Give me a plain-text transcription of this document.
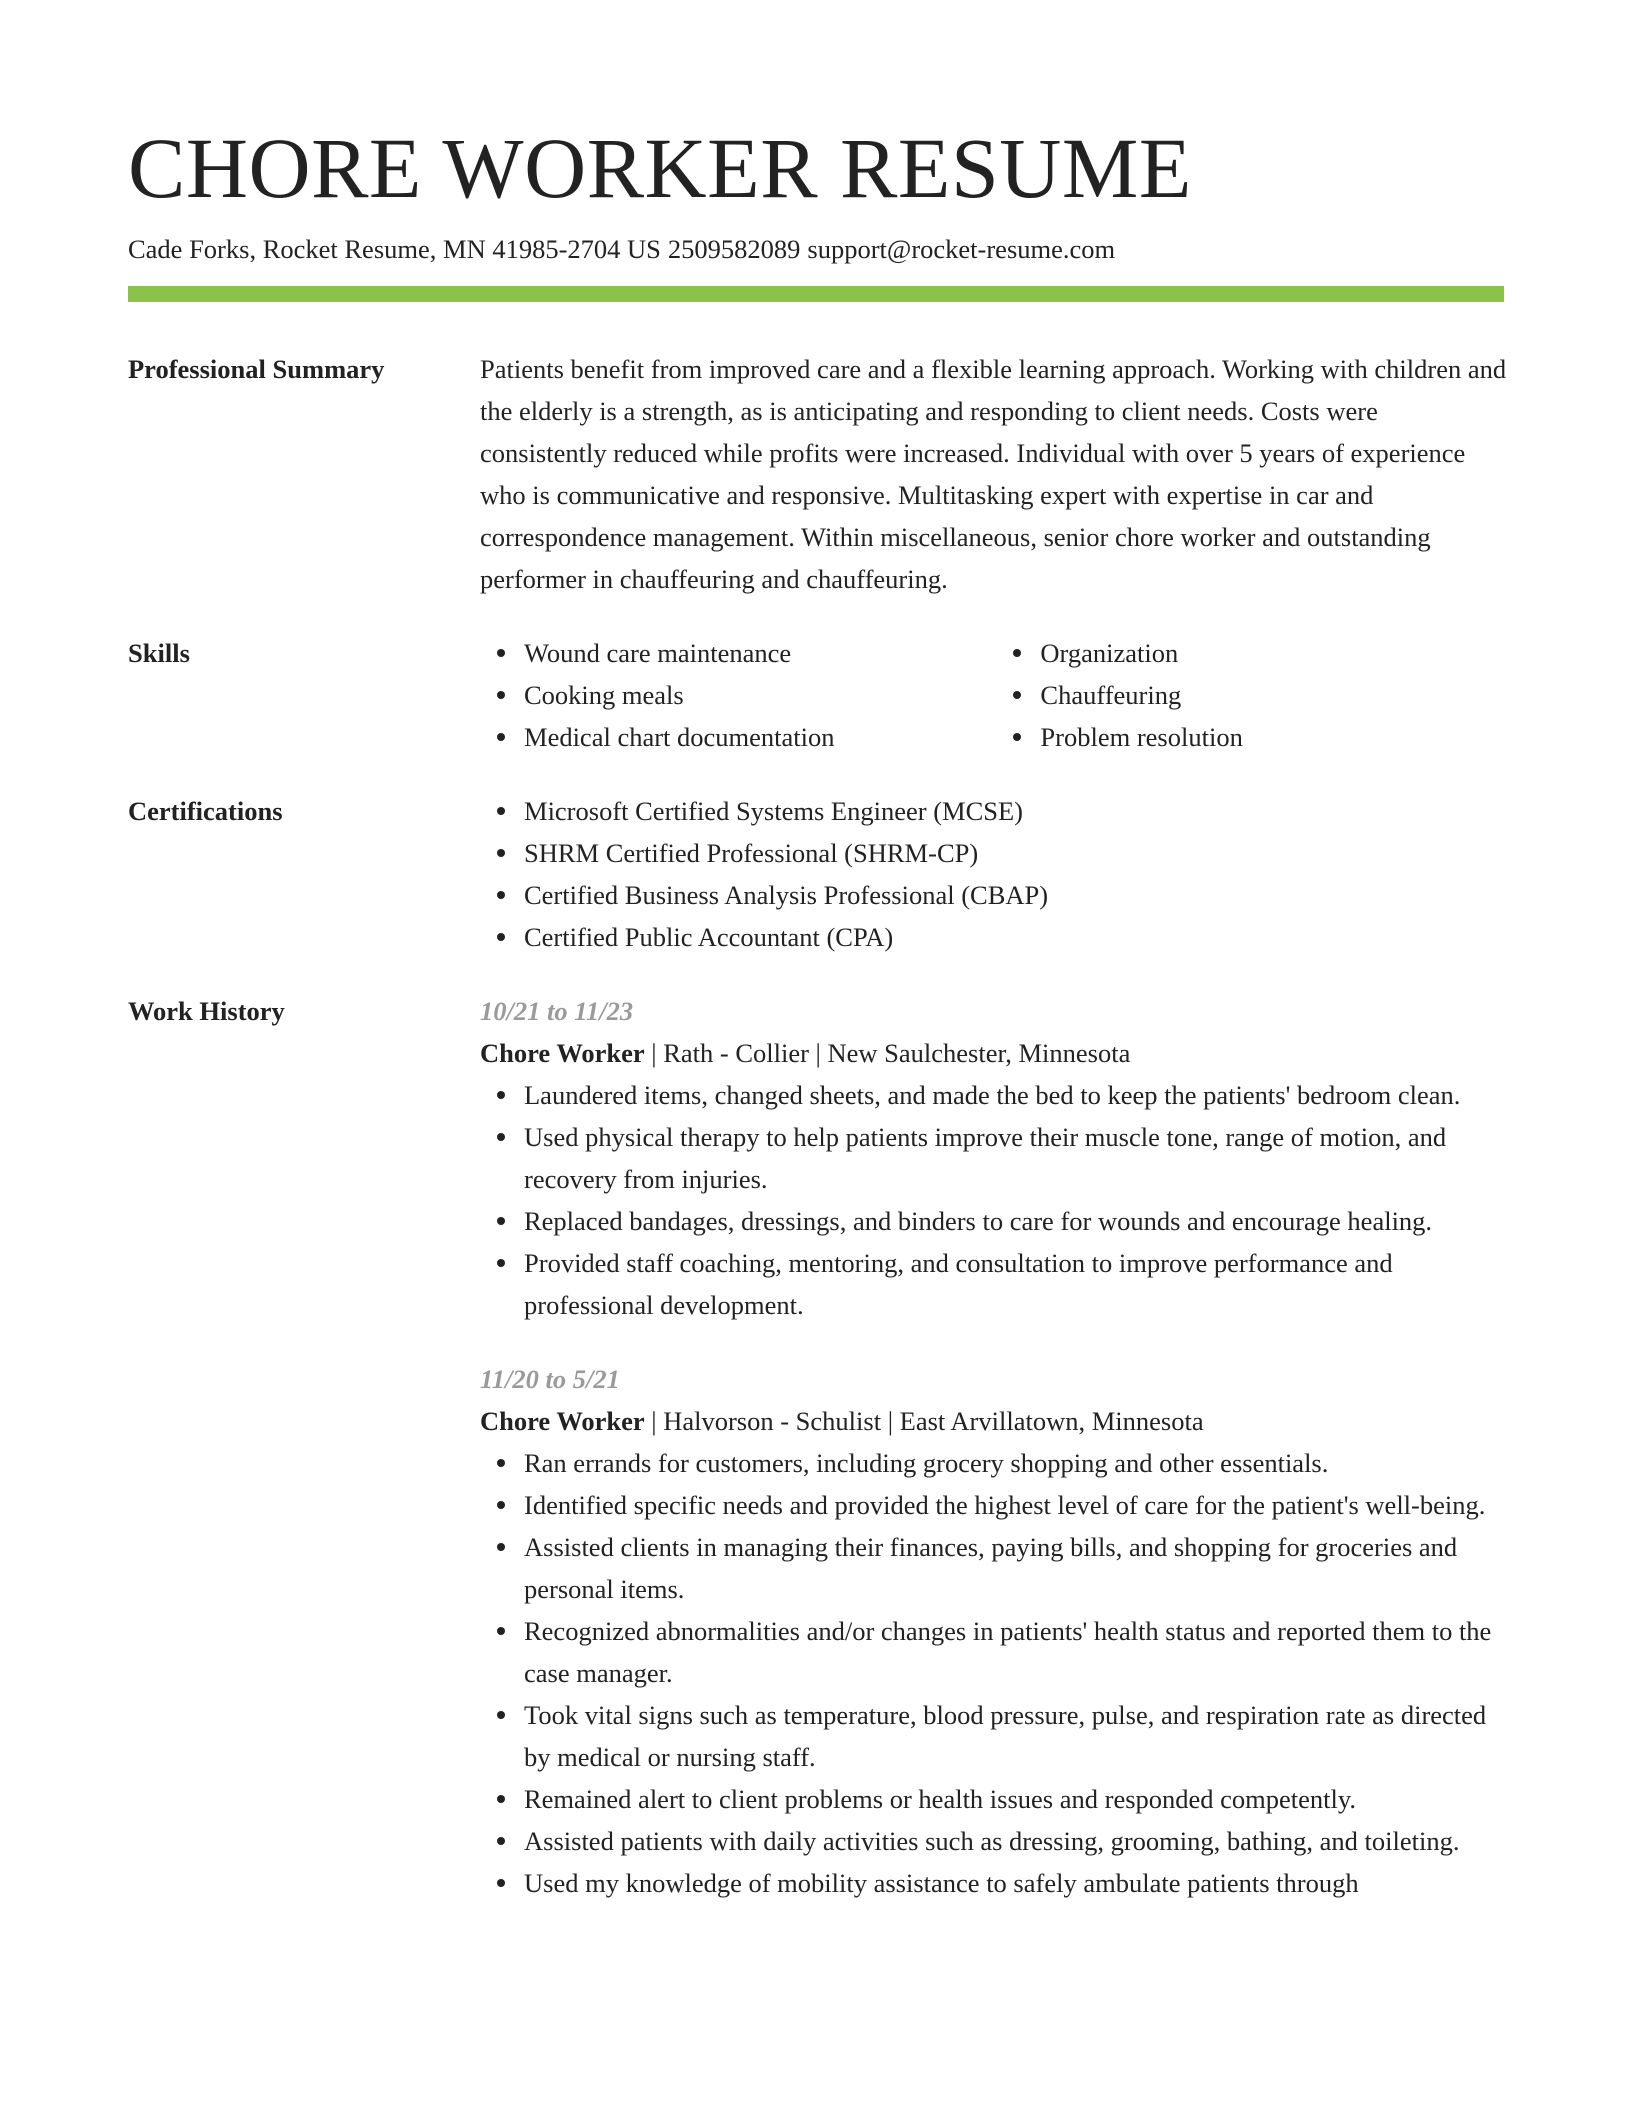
CHORE WORKER RESUME
Cade Forks, Rocket Resume, MN 41985-2704 US 2509582089 support@rocket-resume.com
Professional Summary	Patients benefit from improved care and a flexible learning approach. Working with children and the elderly is a strength, as is anticipating and responding to client needs. Costs were consistently reduced while profits were increased. Individual with over 5 years of experience who is communicative and responsive. Multitasking expert with expertise in car and correspondence management. Within miscellaneous, senior chore worker and outstanding performer in chauffeuring and chauffeuring.

Skills	Wound care maintenance
Cooking meals
Medical chart documentation
Organization
Chauffeuring
Problem resolution
Certifications	Microsoft Certified Systems Engineer (MCSE)
SHRM Certified Professional (SHRM-CP)
Certified Business Analysis Professional (CBAP)
Certified Public Accountant (CPA)
Work History	10/21 to 11/23
Chore Worker | Rath - Collier | New Saulchester, Minnesota
Laundered items, changed sheets, and made the bed to keep the patients' bedroom clean.
Used physical therapy to help patients improve their muscle tone, range of motion, and recovery from injuries.
Replaced bandages, dressings, and binders to care for wounds and encourage healing.
Provided staff coaching, mentoring, and consultation to improve performance and professional development.
11/20 to 5/21
Chore Worker | Halvorson - Schulist | East Arvillatown, Minnesota
Ran errands for customers, including grocery shopping and other essentials.
Identified specific needs and provided the highest level of care for the patient's well-being.
Assisted clients in managing their finances, paying bills, and shopping for groceries and personal items.
Recognized abnormalities and/or changes in patients' health status and reported them to the case manager.
Took vital signs such as temperature, blood pressure, pulse, and respiration rate as directed by medical or nursing staff.
Remained alert to client problems or health issues and responded competently.
Assisted patients with daily activities such as dressing, grooming, bathing, and toileting.
Used my knowledge of mobility assistance to safely ambulate patients through
